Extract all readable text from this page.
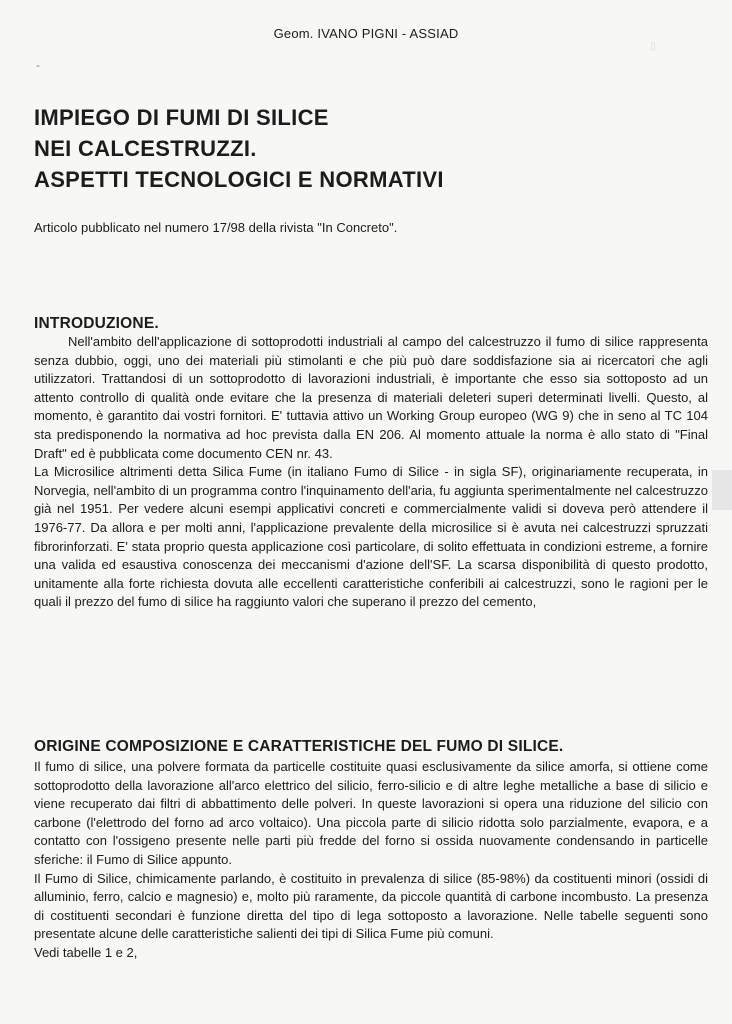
▯
-
Geom. IVANO PIGNI - ASSIAD
IMPIEGO DI FUMI DI SILICE
NEI CALCESTRUZZI.
ASPETTI TECNOLOGICI E NORMATIVI
Articolo pubblicato nel numero 17/98 della rivista "In Concreto".
INTRODUZIONE.

Nell'ambito dell'applicazione di sottoprodotti industriali al campo del calcestruzzo il fumo di silice rappresenta senza dubbio, oggi, uno dei materiali più stimolanti e che più può dare soddisfazione sia ai ricercatori che agli utilizzatori. Trattandosi di un sottoprodotto di lavorazioni industriali, è importante che esso sia sottoposto ad un attento controllo di qualità onde evitare che la presenza di materiali deleteri superi determinati livelli. Questo, al momento, è garantito dai vostri fornitori. E' tuttavia attivo un Working Group europeo (WG 9) che in seno al TC 104 sta predisponendo la normativa ad hoc prevista dalla EN 206. Al momento attuale la norma è allo stato di "Final Draft" ed è pubblicata come documento CEN nr. 43.

La Microsilice altrimenti detta Silica Fume (in italiano Fumo di Silice - in sigla SF), originariamente recuperata, in Norvegia, nell'ambito di un programma contro l'inquinamento dell'aria, fu aggiunta sperimentalmente nel calcestruzzo già nel 1951. Per vedere alcuni esempi applicativi concreti e commercialmente validi si doveva però attendere il 1976-77. Da allora e per molti anni, l'applicazione prevalente della microsilice si è avuta nei calcestruzzi spruzzati fibrorinforzati. E' stata proprio questa applicazione così particolare, di solito effettuata in condizioni estreme, a fornire una valida ed esaustiva conoscenza dei meccanismi d'azione dell'SF. La scarsa disponibilità di questo prodotto, unitamente alla forte richiesta dovuta alle eccellenti caratteristiche conferibili ai calcestruzzi, sono le ragioni per le quali il prezzo del fumo di silice ha raggiunto valori che superano il prezzo del cemento,

ORIGINE COMPOSIZIONE E CARATTERISTICHE DEL FUMO DI SILICE.

Il fumo di silice, una polvere formata da particelle costituite quasi esclusivamente da silice amorfa, si ottiene come sottoprodotto della lavorazione all'arco elettrico del silicio, ferro-silicio e di altre leghe metalliche a base di silicio e viene recuperato dai filtri di abbattimento delle polveri. In queste lavorazioni si opera una riduzione del silicio con carbone (l'elettrodo del forno ad arco voltaico). Una piccola parte di silicio ridotta solo parzialmente, evapora, e a contatto con l'ossigeno presente nelle parti più fredde del forno si ossida nuovamente condensando in particelle sferiche: il Fumo di Silice appunto.

Il Fumo di Silice, chimicamente parlando, è costituito in prevalenza di silice (85-98%) da costituenti minori (ossidi di alluminio, ferro, calcio e magnesio) e, molto più raramente, da piccole quantità di carbone incombusto. La presenza di costituenti secondari è funzione diretta del tipo di lega sottoposto a lavorazione. Nelle tabelle seguenti sono presentate alcune delle caratteristiche salienti dei tipi di Silica Fume più comuni.

Vedi tabelle 1 e 2,
